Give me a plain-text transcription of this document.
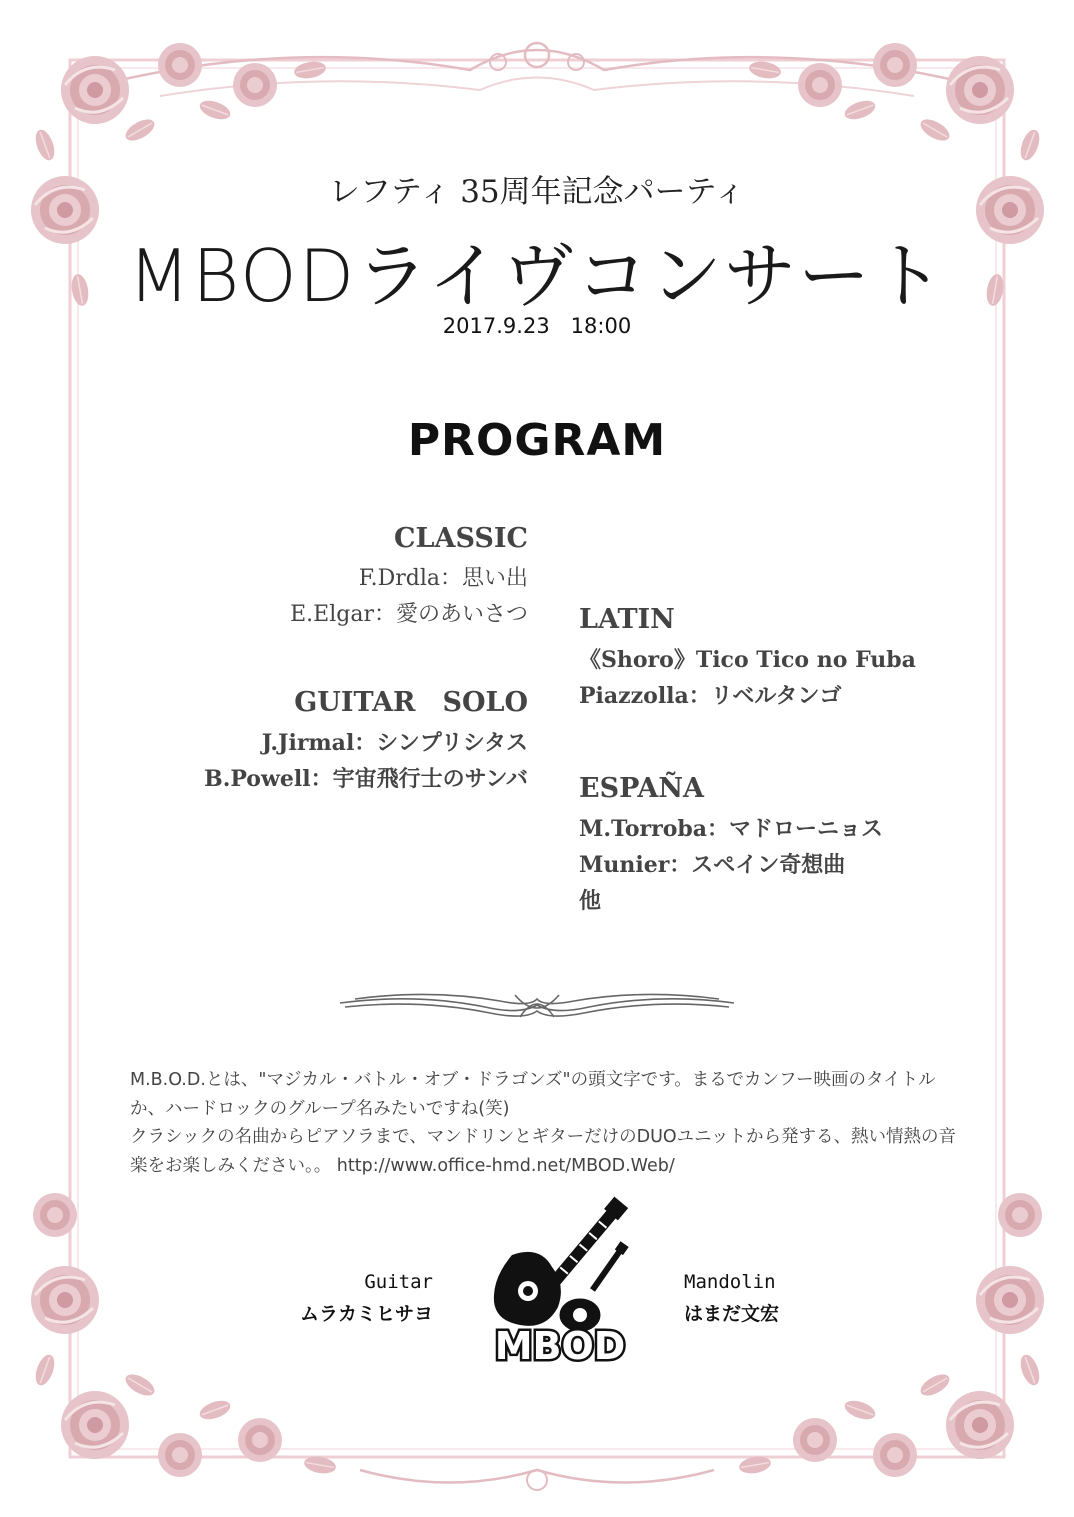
レフティ 35周年記念パーティ
MBODライヴコンサート
2017.9.23　18:00
PROGRAM
CLASSIC
F.Drdla：思い出
E.Elgar：愛のあいさつ
GUITAR　SOLO
J.Jirmal：シンプリシタス
B.Powell：宇宙飛行士のサンバ
LATIN
《Shoro》Tico Tico no Fuba
Piazzolla：リベルタンゴ
ESPAÑA
M.Torroba：マドローニョス
Munier：スペイン奇想曲
他
M.B.O.D.とは、"マジカル・バトル・オブ・ドラゴンズ"の頭文字です。まるでカンフー映画のタイトルか、ハードロックのグループ名みたいですね(笑)
クラシックの名曲からピアソラまで、マンドリンとギターだけのDUOユニットから発する、熱い情熱の音楽をお楽しみください。。 http://www.office-hmd.net/MBOD.Web/
Guitar
ムラカミヒサヨ
Mandolin
はまだ文宏
MBOD
